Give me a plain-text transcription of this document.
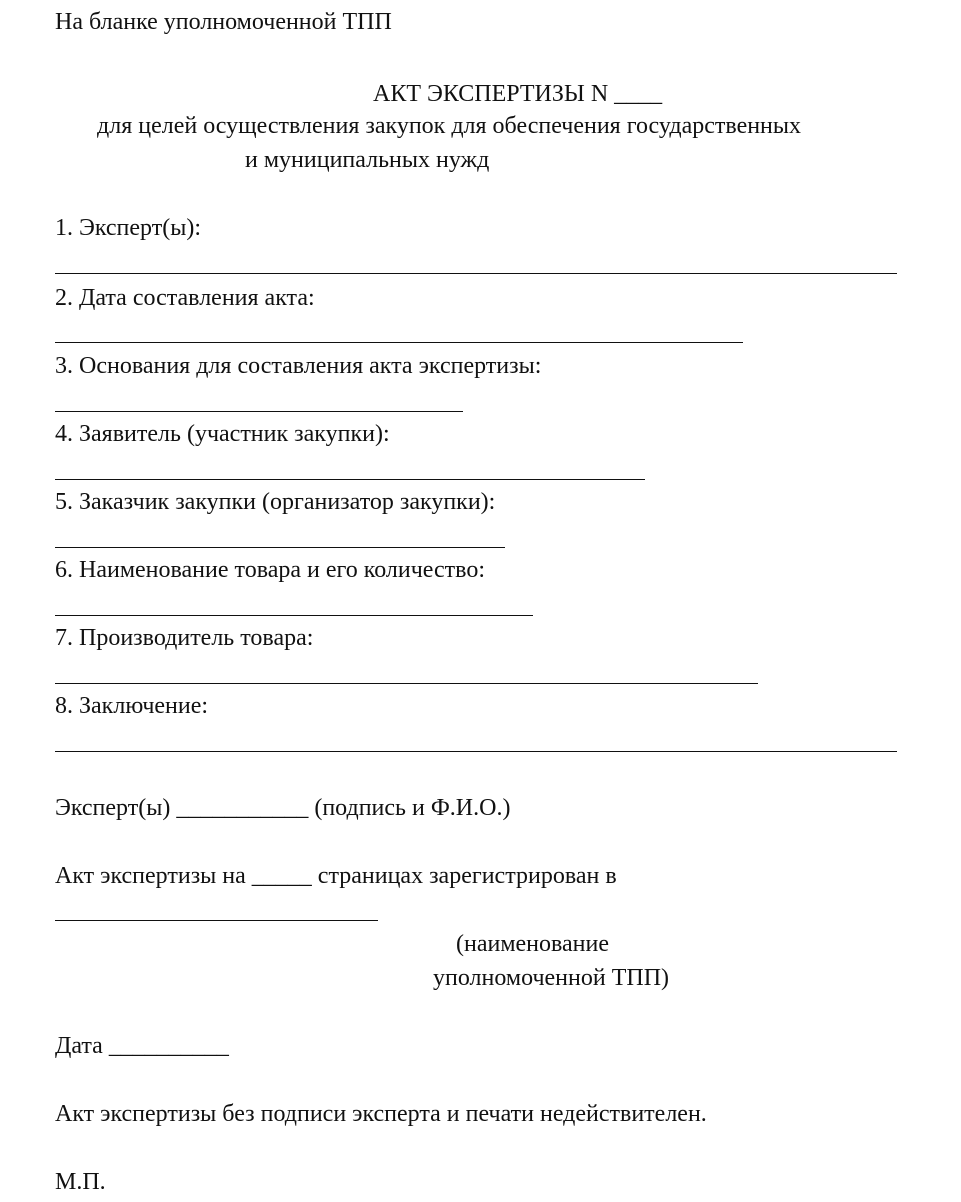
На бланке уполномоченной ТПП
АКТ ЭКСПЕРТИЗЫ N ____
для целей осуществления закупок для обеспечения государственных
и муниципальных нужд
1. Эксперт(ы):
2. Дата составления акта:
3. Основания для составления акта экспертизы:
4. Заявитель (участник закупки):
5. Заказчик закупки (организатор закупки):
6. Наименование товара и его количество:
7. Производитель товара:
8. Заключение:
Эксперт(ы) ___________ (подпись и Ф.И.О.)
Акт экспертизы на _____ страницах зарегистрирован в
(наименование
уполномоченной ТПП)
Дата __________
Акт экспертизы без подписи эксперта и печати недействителен.
М.П.
